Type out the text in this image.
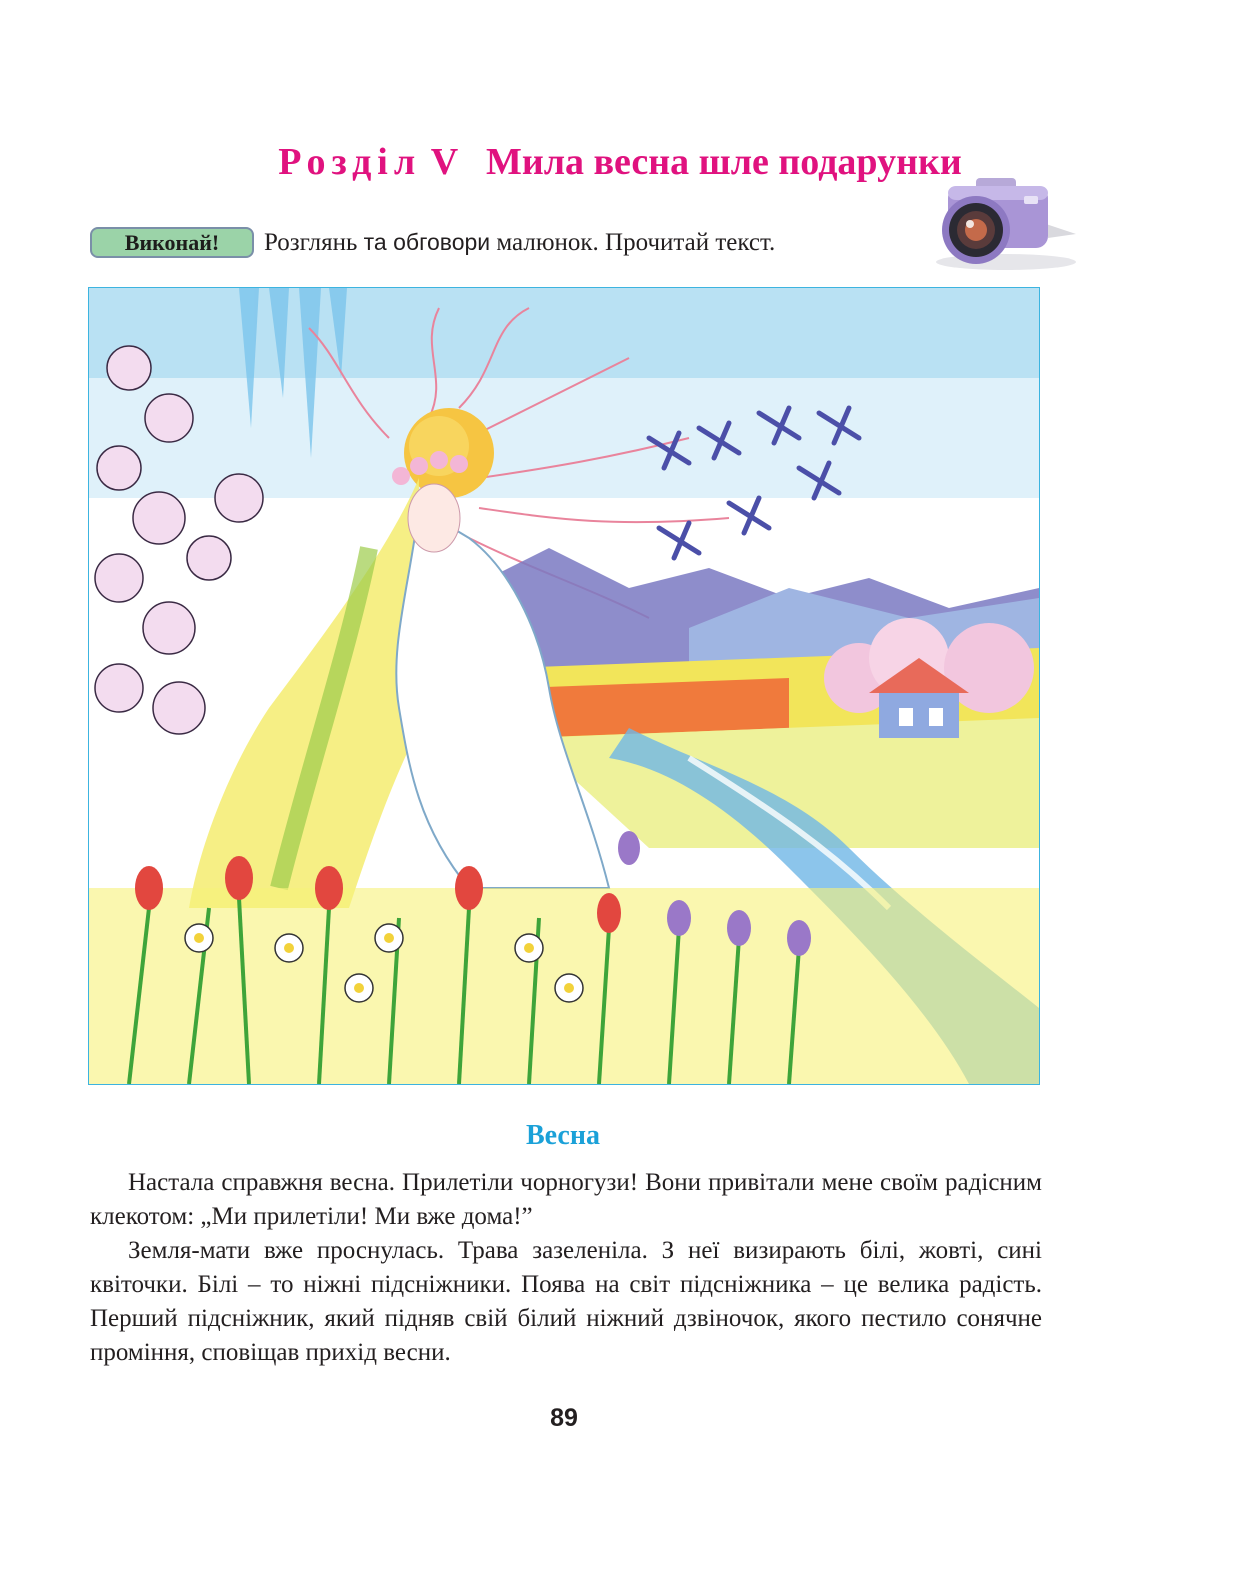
Розділ V Мила весна шле подарунки
Виконай!	Розглянь та обговори малюнок. Прочитай текст.
Весна

Настала справжня весна. Прилетіли чорногузи! Вони привітали мене своїм радісним клекотом: „Ми прилетіли! Ми вже дома!”

Земля-мати вже проснулась. Трава зазеленіла. З неї визирають білі, жовті, сині квіточки. Білі – то ніжні підсніжники. Поява на світ підсніжника – це велика радість. Перший підсніжник, який підняв свій білий ніжний дзвіночок, якого пестило сонячне проміння, сповіщав прихід весни.

89
